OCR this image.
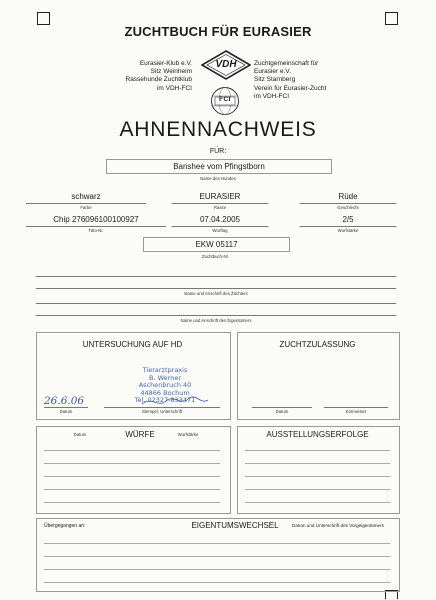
ZUCHTBUCH FÜR EURASIER
Eurasier-Klub e.V.
Sitz Weinheim
Rassehunde Zuchtklub
im VDH-FCI
Zuchtgemeinschaft für
Eurasier e.V.
Sitz Starnberg
Verein für Eurasier-Zucht
im VDH-FCI
VDH
FCI
AHNENNACHWEIS
FÜR:
Banshee vom Pfingstborn
Name des Hundes
schwarz
Farbe
EURASIER
Rasse
Rüde
Geschlecht
Chip 276096100100927
Täto-Nr.
07.04.2005
Wurftag
2/5
Wurfstärke
EKW 05117
Zuchtbuch-Nr.
Name und Anschrift des Züchters
Name und Anschrift des Eigentümers
UNTERSUCHUNG AUF HD
Tierarztpraxis
B. Werner
Aschenbruch 40
44866 Bochum
Tel. 02327-833471
26.6.06
Datum	Stempel, Unterschrift
ZUCHTZULASSUNG
Datum	Körmeister
Datum	WÜRFE	Wurfstärke	AUSSTELLUNGSERFOLGE
Übergegangen an:	EIGENTUMSWECHSEL	Datum und Unterschrift des Vorgeigentümers
